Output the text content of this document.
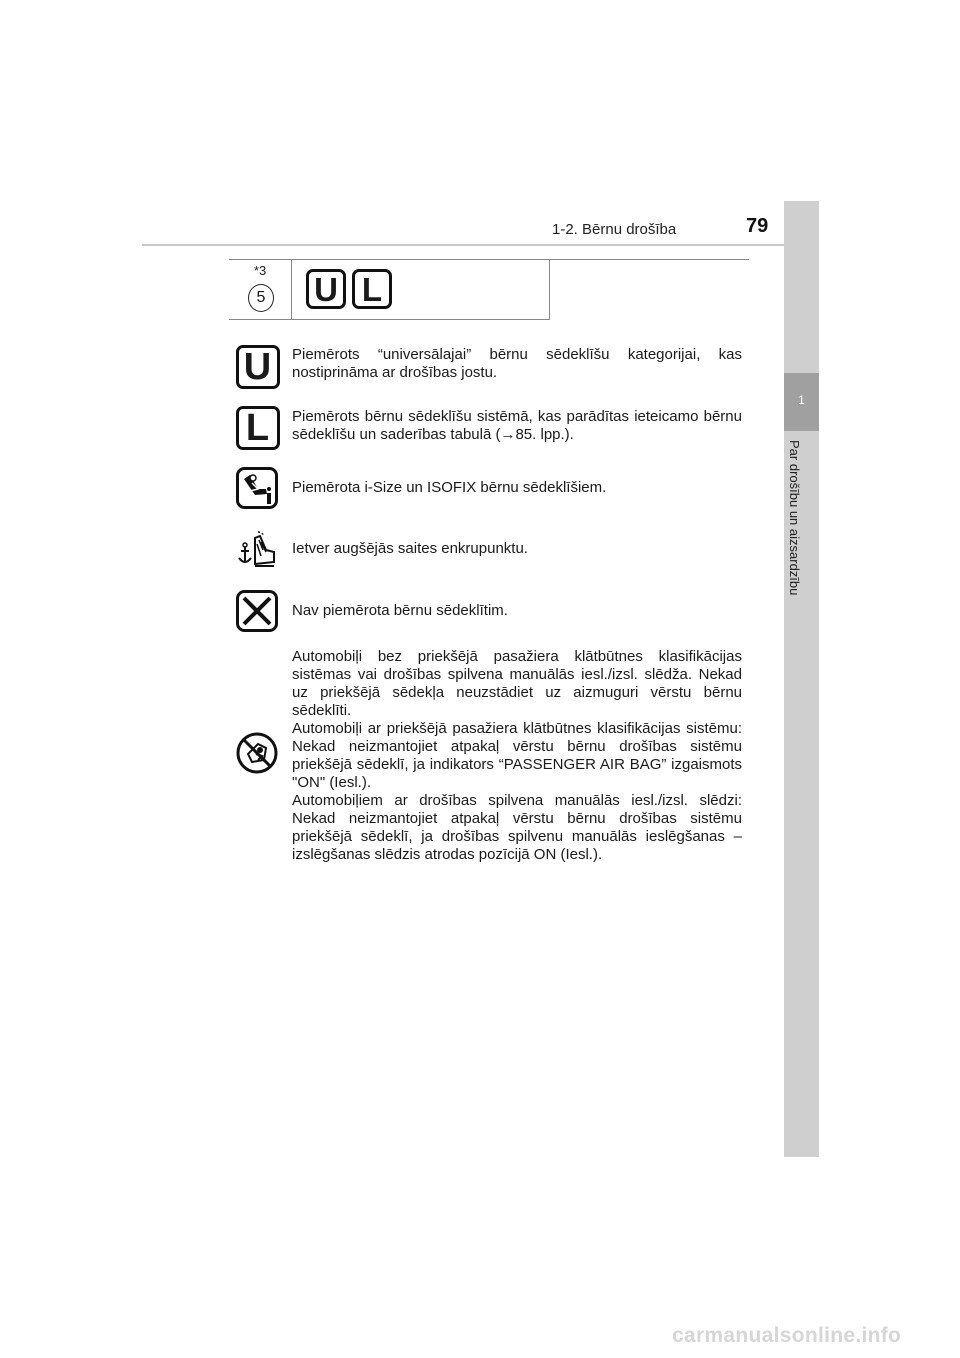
1-2. Bērnu drošība	79
1
Par drošību un aizsardzību
*3
5 U L
U
L
Piemērots “universālajai” bērnu sēdeklīšu kategorijai, kas nostiprināma ar drošības jostu.
Piemērots bērnu sēdeklīšu sistēmā, kas parādītas ieteicamo bērnu sēdeklīšu un saderības tabulā (→85. lpp.).
Piemērota i-Size un ISOFIX bērnu sēdeklīšiem.
Ietver augšējās saites enkrupunktu.
Nav piemērota bērnu sēdeklītim.
Automobiļi bez priekšējā pasažiera klātbūtnes klasifikācijas sistēmas vai drošības spilvena manuālās iesl./izsl. slēdža. Nekad uz priekšējā sēdekļa neuzstādiet uz aizmuguri vērstu bērnu sēdeklīti.
Automobiļi ar priekšējā pasažiera klātbūtnes klasifikācijas sistēmu: Nekad neizmantojiet atpakaļ vērstu bērnu drošības sistēmu priekšējā sēdeklī, ja indikators “PASSENGER AIR BAG” izgaismots "ON" (Iesl.).
Automobiļiem ar drošības spilvena manuālās iesl./izsl. slēdzi: Nekad neizmantojiet atpakaļ vērstu bērnu drošības sistēmu priekšējā sēdeklī, ja drošības spilvenu manuālās ieslēgšanas – izslēgšanas slēdzis atrodas pozīcijā ON (Iesl.).
carmanualsonline.info
